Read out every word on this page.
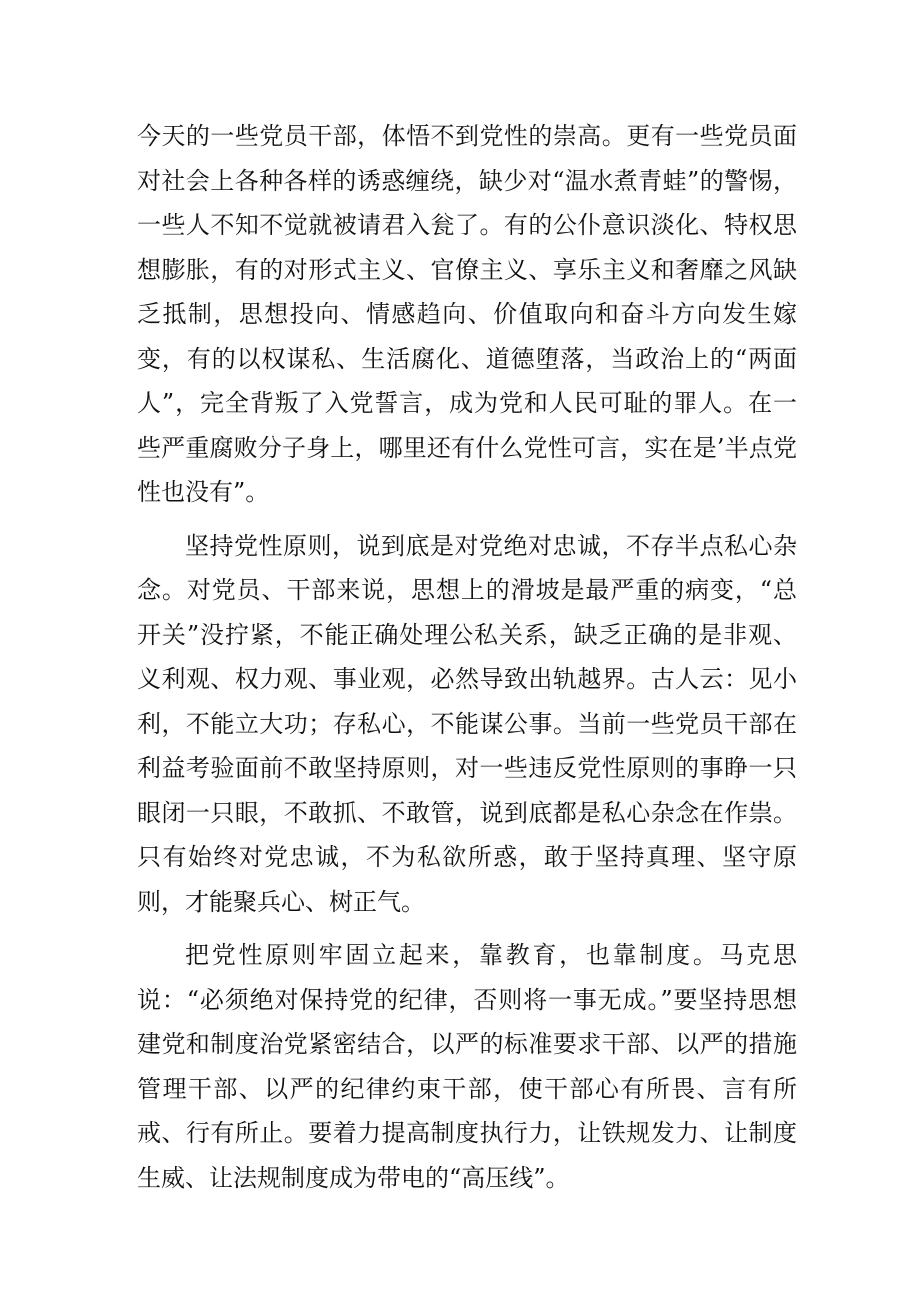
今天的一些党员干部，体悟不到党性的崇高。更有一些党员面对社会上各种各样的诱惑缠绕，缺少对“温水煮青蛙”的警惕，一些人不知不觉就被请君入瓮了。有的公仆意识淡化、特权思想膨胀，有的对形式主义、官僚主义、享乐主义和奢靡之风缺乏抵制，思想投向、情感趋向、价值取向和奋斗方向发生嫁变，有的以权谋私、生活腐化、道德堕落，当政治上的“两面人”，完全背叛了入党誓言，成为党和人民可耻的罪人。在一些严重腐败分子身上，哪里还有什么党性可言，实在是’半点党性也没有”。

坚持党性原则，说到底是对党绝对忠诚，不存半点私心杂念。对党员、干部来说，思想上的滑坡是最严重的病变，“总开关”没拧紧，不能正确处理公私关系，缺乏正确的是非观、义利观、权力观、事业观，必然导致出轨越界。古人云：见小利，不能立大功；存私心，不能谋公事。当前一些党员干部在利益考验面前不敢坚持原则，对一些违反党性原则的事睁一只眼闭一只眼，不敢抓、不敢管，说到底都是私心杂念在作祟。只有始终对党忠诚，不为私欲所惑，敢于坚持真理、坚守原则，才能聚兵心、树正气。

把党性原则牢固立起来，靠教育，也靠制度。马克思说：“必须绝对保持党的纪律，否则将一事无成。”要坚持思想建党和制度治党紧密结合，以严的标准要求干部、以严的措施管理干部、以严的纪律约束干部，使干部心有所畏、言有所戒、行有所止。要着力提高制度执行力，让铁规发力、让制度生威、让法规制度成为带电的“高压线”。
